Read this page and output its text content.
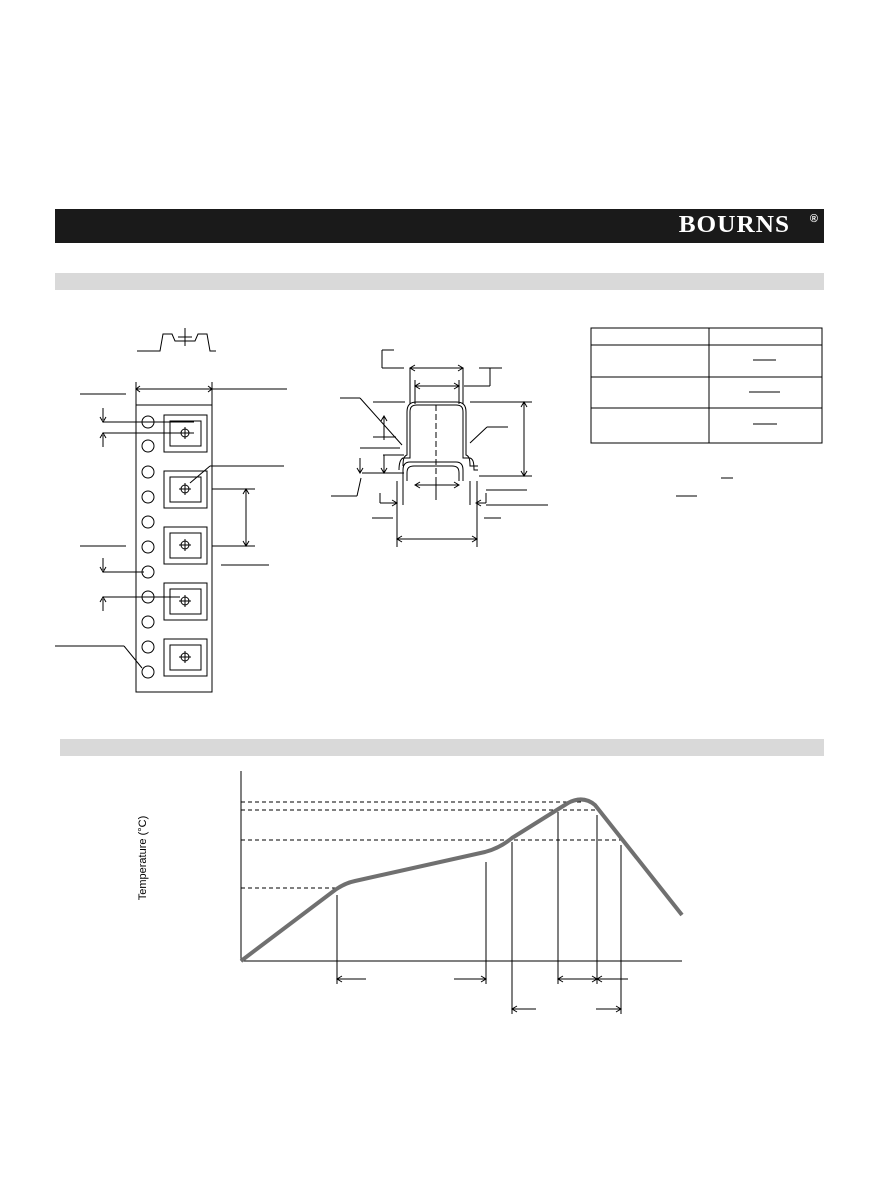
BOURNS ®
Temperature (°C)
